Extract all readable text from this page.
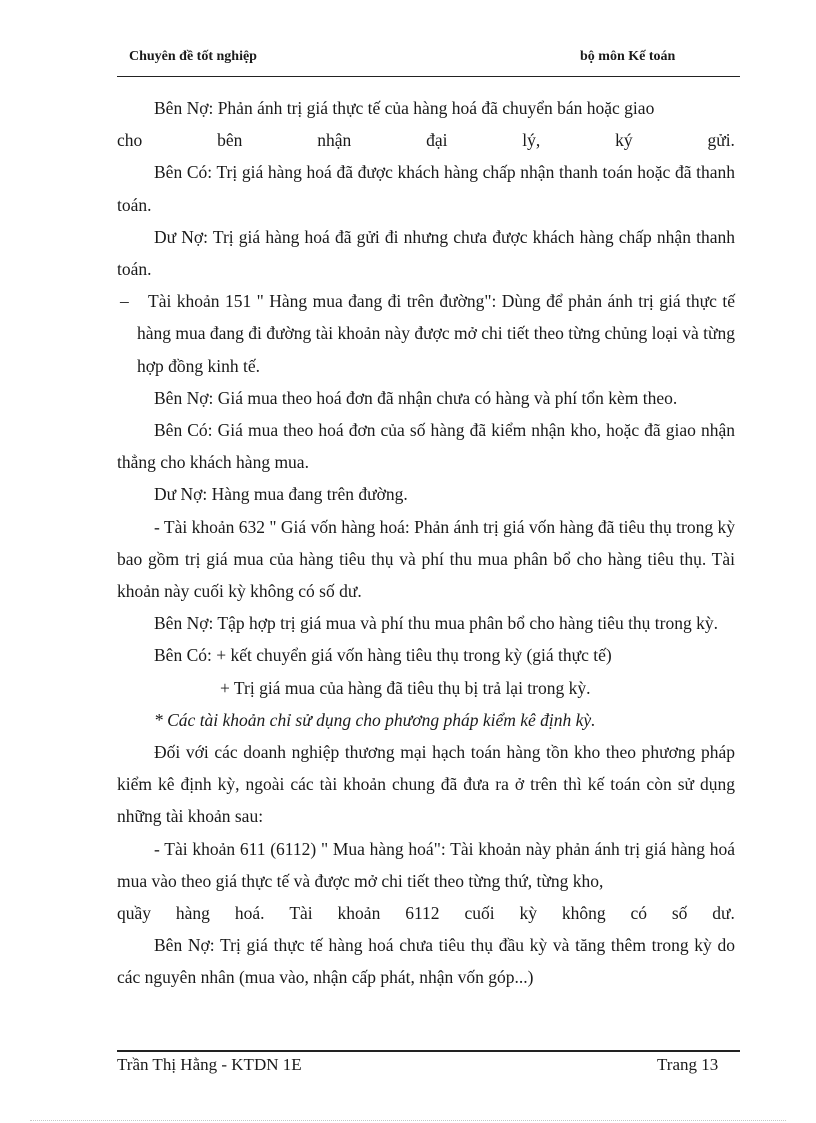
Chuyên đề tốt nghiệp	bộ môn Kế toán

Bên Nợ: Phản ánh trị giá thực tế của hàng hoá đã chuyển bán hoặc giao

cho	bên	nhận	đại	lý,	ký	gửi.

Bên Có: Trị giá hàng hoá đã được khách hàng chấp nhận thanh toán hoặc đã thanh toán.

Dư Nợ: Trị giá hàng hoá đã gửi đi nhưng chưa được khách hàng chấp nhận thanh toán.

– Tài khoản 151 " Hàng mua đang đi trên đường": Dùng để phản ánh trị giá thực tế hàng mua đang đi đường tài khoản này được mở chi tiết theo từng chủng loại và từng hợp đồng kinh tế.

Bên Nợ: Giá mua theo hoá đơn đã nhận chưa có hàng và phí tổn kèm theo.

Bên Có: Giá mua theo hoá đơn của số hàng đã kiểm nhận kho, hoặc đã giao nhận thẳng cho khách hàng mua.

Dư Nợ: Hàng mua đang trên đường.

- Tài khoản 632 " Giá vốn hàng hoá: Phản ánh trị giá vốn hàng đã tiêu thụ trong kỳ bao gồm trị giá mua của hàng tiêu thụ và phí thu mua phân bổ cho hàng tiêu thụ. Tài khoản này cuối kỳ không có số dư.

Bên Nợ: Tập hợp trị giá mua và phí thu mua phân bổ cho hàng tiêu thụ trong kỳ.

Bên Có: + kết chuyển giá vốn hàng tiêu thụ trong kỳ (giá thực tế)

+ Trị giá mua của hàng đã tiêu thụ bị trả lại trong kỳ.

* Các tài khoản chỉ sử dụng cho phương pháp kiểm kê định kỳ.

Đối với các doanh nghiệp thương mại hạch toán hàng tồn kho theo phương pháp kiểm kê định kỳ, ngoài các tài khoản chung đã đưa ra ở trên thì kế toán còn sử dụng những tài khoản sau:

- Tài khoản 611 (6112) " Mua hàng hoá": Tài khoản này phản ánh trị giá hàng hoá mua vào theo giá thực tế và được mở chi tiết theo từng thứ, từng kho,

quầy hàng hoá. Tài khoản 6112 cuối kỳ không có số dư.

Bên Nợ: Trị giá thực tế hàng hoá chưa tiêu thụ đầu kỳ và tăng thêm trong kỳ do các nguyên nhân (mua vào, nhận cấp phát, nhận vốn góp...)

Trần Thị Hằng - KTDN 1E	Trang 13
